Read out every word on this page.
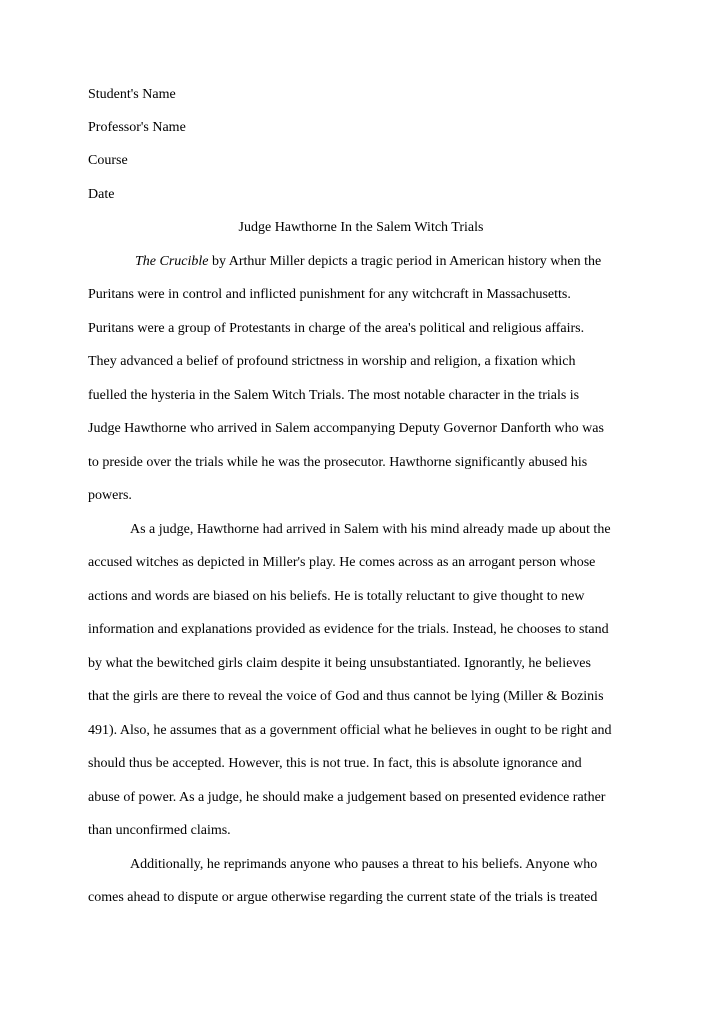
Student's Name
Professor's Name
Course
Date
Judge Hawthorne In the Salem Witch Trials
The Crucible by Arthur Miller depicts a tragic period in American history when the
Puritans were in control and inflicted punishment for any witchcraft in Massachusetts.
Puritans were a group of Protestants in charge of the area's political and religious affairs.
They advanced a belief of profound strictness in worship and religion, a fixation which
fuelled the hysteria in the Salem Witch Trials. The most notable character in the trials is
Judge Hawthorne who arrived in Salem accompanying Deputy Governor Danforth who was
to preside over the trials while he was the prosecutor. Hawthorne significantly abused his
powers.
As a judge, Hawthorne had arrived in Salem with his mind already made up about the
accused witches as depicted in Miller's play. He comes across as an arrogant person whose
actions and words are biased on his beliefs. He is totally reluctant to give thought to new
information and explanations provided as evidence for the trials. Instead, he chooses to stand
by what the bewitched girls claim despite it being unsubstantiated. Ignorantly, he believes
that the girls are there to reveal the voice of God and thus cannot be lying (Miller & Bozinis
491). Also, he assumes that as a government official what he believes in ought to be right and
should thus be accepted. However, this is not true. In fact, this is absolute ignorance and
abuse of power. As a judge, he should make a judgement based on presented evidence rather
than unconfirmed claims.
Additionally, he reprimands anyone who pauses a threat to his beliefs. Anyone who
comes ahead to dispute or argue otherwise regarding the current state of the trials is treated
